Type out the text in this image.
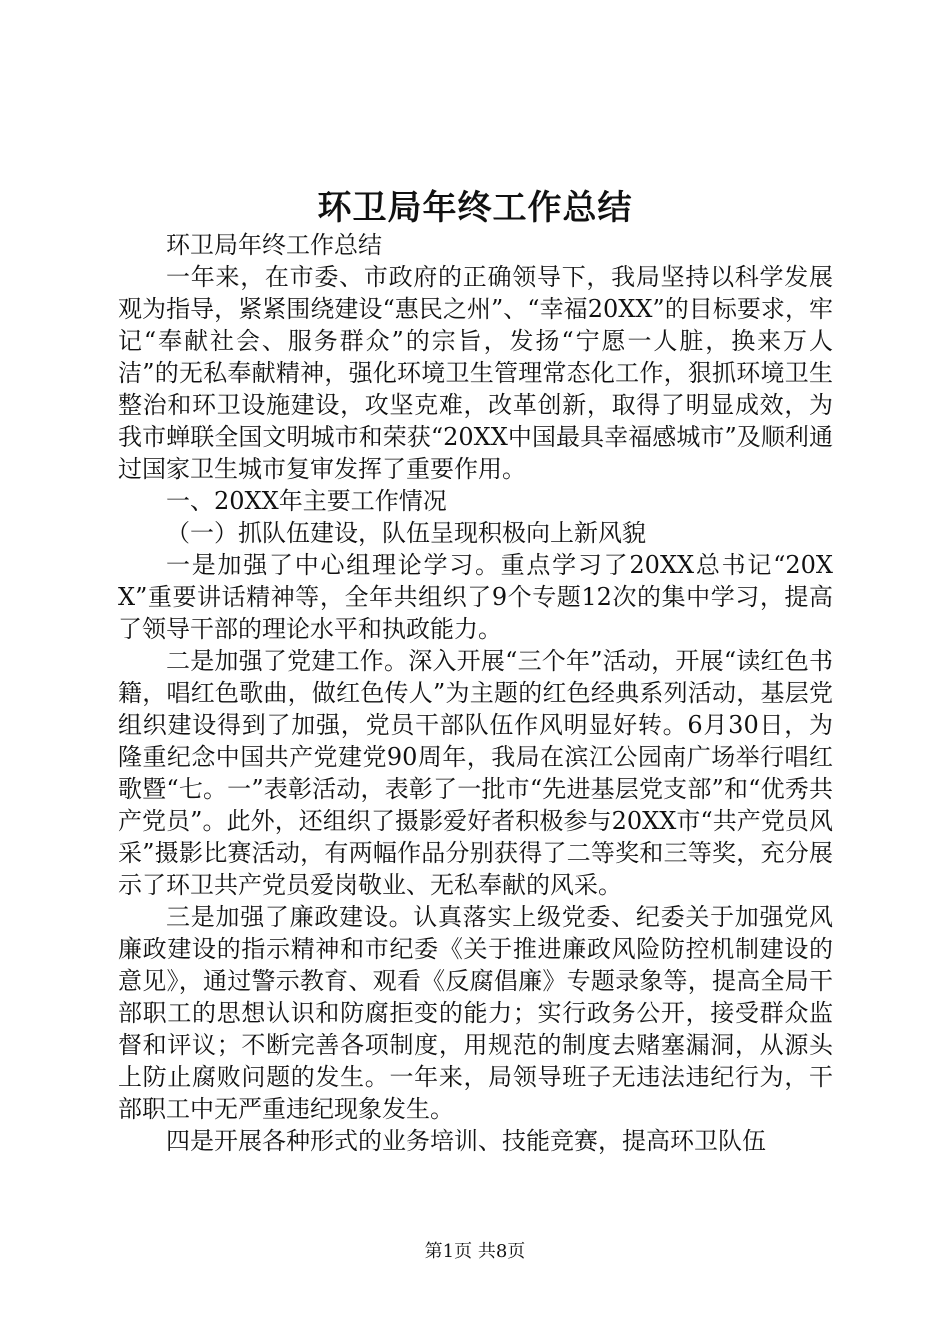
环卫局年终工作总结

环卫局年终工作总结

一年来，在市委、市政府的正确领导下，我局坚持以科学发展观为指导，紧紧围绕建设“惠民之州”、“幸福20XX”的目标要求，牢记“奉献社会、服务群众”的宗旨，发扬“宁愿一人脏，换来万人洁”的无私奉献精神，强化环境卫生管理常态化工作，狠抓环境卫生整治和环卫设施建设，攻坚克难，改革创新，取得了明显成效，为我市蝉联全国文明城市和荣获“20XX中国最具幸福感城市”及顺利通过国家卫生城市复审发挥了重要作用。

一、20XX年主要工作情况

（一）抓队伍建设，队伍呈现积极向上新风貌

一是加强了中心组理论学习。重点学习了20XX总书记“20XX”重要讲话精神等，全年共组织了9个专题12次的集中学习，提高了领导干部的理论水平和执政能力。

二是加强了党建工作。深入开展“三个年”活动，开展“读红色书籍，唱红色歌曲，做红色传人”为主题的红色经典系列活动，基层党组织建设得到了加强，党员干部队伍作风明显好转。6月30日，为隆重纪念中国共产党建党90周年，我局在滨江公园南广场举行唱红歌暨“七。一”表彰活动，表彰了一批市“先进基层党支部”和“优秀共产党员”。此外，还组织了摄影爱好者积极参与20XX市“共产党员风采”摄影比赛活动，有两幅作品分别获得了二等奖和三等奖，充分展示了环卫共产党员爱岗敬业、无私奉献的风采。

三是加强了廉政建设。认真落实上级党委、纪委关于加强党风廉政建设的指示精神和市纪委《关于推进廉政风险防控机制建设的意见》，通过警示教育、观看《反腐倡廉》专题录象等，提高全局干部职工的思想认识和防腐拒变的能力；实行政务公开，接受群众监督和评议；不断完善各项制度，用规范的制度去赌塞漏洞，从源头上防止腐败问题的发生。一年来，局领导班子无违法违纪行为，干部职工中无严重违纪现象发生。

四是开展各种形式的业务培训、技能竞赛，提高环卫队伍

第1页 共8页
